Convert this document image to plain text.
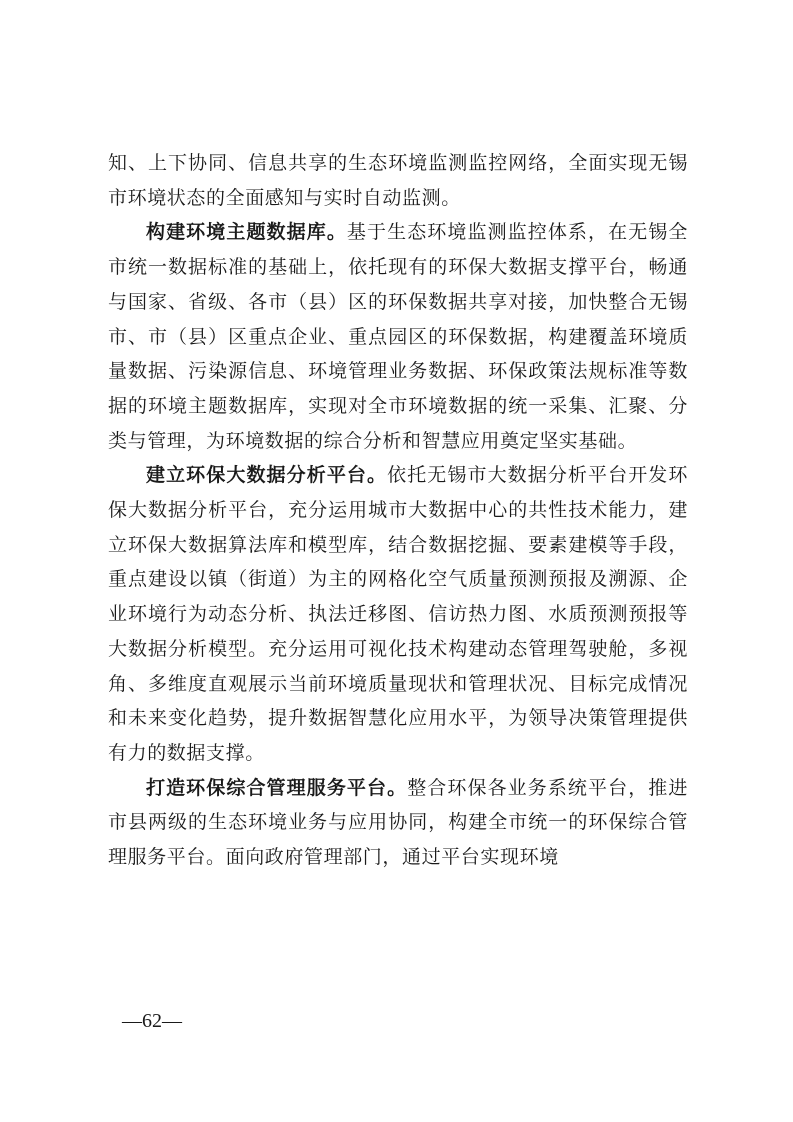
知、上下协同、信息共享的生态环境监测监控网络，全面实现无锡市环境状态的全面感知与实时自动监测。

构建环境主题数据库。基于生态环境监测监控体系，在无锡全市统一数据标准的基础上，依托现有的环保大数据支撑平台，畅通与国家、省级、各市（县）区的环保数据共享对接，加快整合无锡市、市（县）区重点企业、重点园区的环保数据，构建覆盖环境质量数据、污染源信息、环境管理业务数据、环保政策法规标准等数据的环境主题数据库，实现对全市环境数据的统一采集、汇聚、分类与管理，为环境数据的综合分析和智慧应用奠定坚实基础。

建立环保大数据分析平台。依托无锡市大数据分析平台开发环保大数据分析平台，充分运用城市大数据中心的共性技术能力，建立环保大数据算法库和模型库，结合数据挖掘、要素建模等手段，重点建设以镇（街道）为主的网格化空气质量预测预报及溯源、企业环境行为动态分析、执法迁移图、信访热力图、水质预测预报等大数据分析模型。充分运用可视化技术构建动态管理驾驶舱，多视角、多维度直观展示当前环境质量现状和管理状况、目标完成情况和未来变化趋势，提升数据智慧化应用水平，为领导决策管理提供有力的数据支撑。

打造环保综合管理服务平台。整合环保各业务系统平台，推进市县两级的生态环境业务与应用协同，构建全市统一的环保综合管理服务平台。面向政府管理部门，通过平台实现环境

—62—
